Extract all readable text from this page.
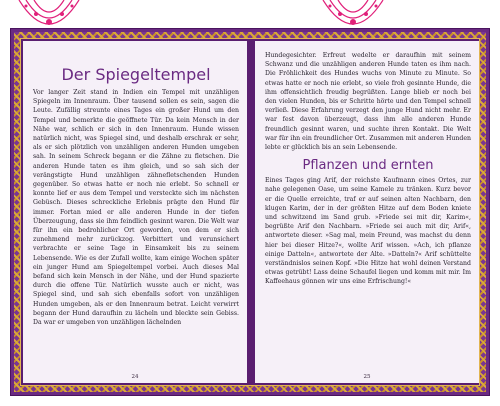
Der Spiegeltempel

Vor langer Zeit stand in Indien ein Tempel mit unzähligen Spiegeln im Innenraum. Über tausend sollen es sein, sagen die Leute. Zufällig streunte eines Tages ein großer Hund um den Tempel und bemerkte die geöffnete Tür. Da kein Mensch in der Nähe war, schlich er sich in den Innenraum. Hunde wissen natürlich nicht, was Spiegel sind, und deshalb erschrak er sehr, als er sich plötzlich von unzähligen anderen Hunden umgeben sah. In seinem Schreck begann er die Zähne zu fletschen. Die anderen Hunde taten es ihm gleich, und so sah sich der verängstigte Hund unzähligen zähnefletschenden Hunden gegenüber. So etwas hatte er noch nie erlebt. So schnell er konnte lief er aus dem Tempel und versteckte sich im nächsten Gebüsch. Dieses schreckliche Erlebnis prägte den Hund für immer. Fortan mied er alle anderen Hunde in der tiefen Überzeugung, dass sie ihm feindlich gesinnt waren. Die Welt war für ihn ein bedrohlicher Ort geworden, von dem er sich zunehmend mehr zurückzog. Verbittert und verunsichert verbrachte er seine Tage in Einsamkeit bis zu seinem Lebensende. Wie es der Zufall wollte, kam einige Wochen später ein junger Hund am Spiegeltempel vorbei. Auch dieses Mal befand sich kein Mensch in der Nähe, und der Hund spazierte durch die offene Tür. Natürlich wusste auch er nicht, was Spiegel sind, und sah sich ebenfalls sofort von unzähligen Hunden umgeben, als er den Innenraum betrat. Leicht verwirrt begann der Hund daraufhin zu lächeln und bleckte sein Gebiss. Da war er umgeben von unzähligen lächelnden

24

Hundegesichter. Erfreut wedelte er daraufhin mit seinem Schwanz und die unzähligen anderen Hunde taten es ihm nach. Die Fröhlichkeit des Hundes wuchs von Minute zu Minute. So etwas hatte er noch nie erlebt, so viele froh gesinnte Hunde, die ihm offensichtlich freudig begrüßten. Lange blieb er noch bei den vielen Hunden, bis er Schritte hörte und den Tempel schnell verließ. Diese Erfahrung verzegt den junge Hund nicht mehr. Er war fest davon überzeugt, dass ihm alle anderen Hunde freundlich gesinnt waren, und suchte ihren Kontakt. Die Welt war für ihn ein freundlicher Ort. Zusammen mit anderen Hunden lebte er glücklich bis an sein Lebensende.

Pflanzen und ernten

Eines Tages ging Arif, der reichste Kaufmann eines Ortes, zur nahe gelegenen Oase, um seine Kamele zu tränken. Kurz bevor er die Quelle erreichte, traf er auf seinen alten Nachbarn, den klugen Karim, der in der größten Hitze auf dem Boden kniete und schwitzend im Sand grub. »Friede sei mit dir, Karim«, begrüßte Arif den Nachbarn. »Friede sei auch mit dir, Arif«, antwortete dieser. »Sag mal, mein Freund, was machst du denn hier bei dieser Hitze?«, wollte Arif wissen. »Ach, ich pflanze einige Datteln«, antwortete der Alte. »Datteln?« Arif schüttelte verständnislos seinen Kopf. »Die Hitze hat wohl deinen Verstand etwas getrübt! Lass deine Schaufel liegen und komm mit mir. Im Kaffeehaus gönnen wir uns eine Erfrischung!«

25
